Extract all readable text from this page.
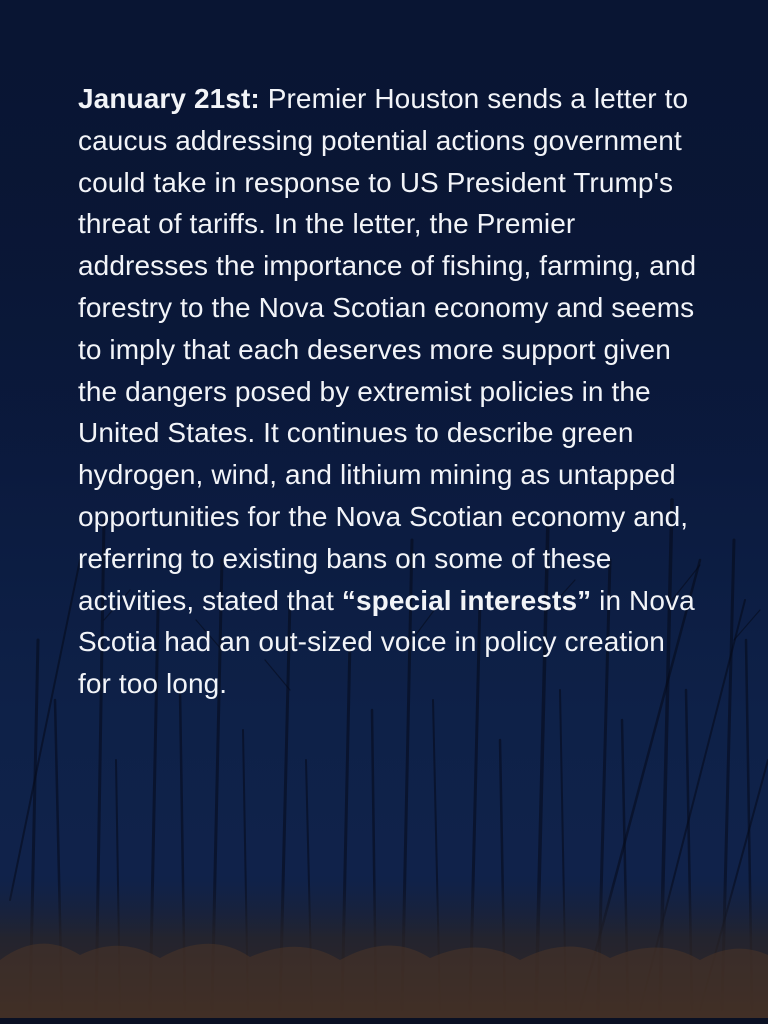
January 21st: Premier Houston sends a letter to caucus addressing potential actions government could take in response to US President Trump's threat of tariffs. In the letter, the Premier addresses the importance of fishing, farming, and forestry to the Nova Scotian economy and seems to imply that each deserves more support given the dangers posed by extremist policies in the United States. It continues to describe green hydrogen, wind, and lithium mining as untapped opportunities for the Nova Scotian economy and, referring to existing bans on some of these activities, stated that “special interests” in Nova Scotia had an out-sized voice in policy creation for too long.
